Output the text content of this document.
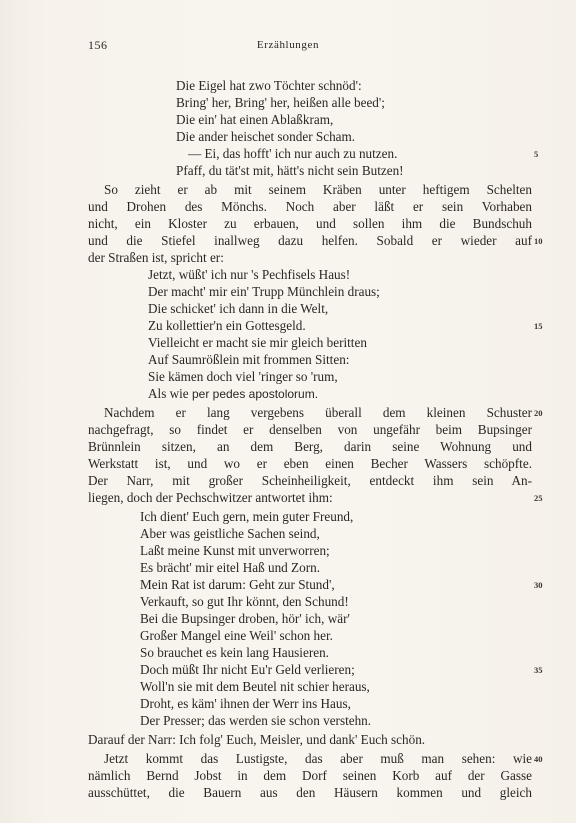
156	Erzählungen
Die Eigel hat zwo Töchter schnöd':
Bring' her, Bring' her, heißen alle beed';
Die ein' hat einen Ablaßkram,
Die ander heischet sonder Scham.
— Ei, das hofft' ich nur auch zu nutzen.	5
Pfaff, du tät'st mit, hätt's nicht sein Butzen!
So zieht er ab mit seinem Kräben unter heftigem Schelten
und Drohen des Mönchs. Noch aber läßt er sein Vorhaben
nicht, ein Kloster zu erbauen, und sollen ihm die Bundschuh
und die Stiefel inallweg dazu helfen. Sobald er wieder auf 10
der Straßen ist, spricht er:
Jetzt, wüßt' ich nur 's Pechfisels Haus!
Der macht' mir ein' Trupp Münchlein draus;
Die schicket' ich dann in die Welt,
Zu kollettier'n ein Gottesgeld.	15
Vielleicht er macht sie mir gleich beritten
Auf Saumrößlein mit frommen Sitten:
Sie kämen doch viel 'ringer so 'rum,
Als wie per pedes apostolorum.
Nachdem er lang vergebens überall dem kleinen Schuster 20
nachgefragt, so findet er denselben von ungefähr beim Bupsinger
Brünnlein sitzen, an dem Berg, darin seine Wohnung und
Werkstatt ist, und wo er eben einen Becher Wassers schöpfte.
Der Narr, mit großer Scheinheiligkeit, entdeckt ihm sein An-
liegen, doch der Pechschwitzer antwortet ihm:	25
Ich dient' Euch gern, mein guter Freund,
Aber was geistliche Sachen seind,
Laßt meine Kunst mit unverworren;
Es brächt' mir eitel Haß und Zorn.
Mein Rat ist darum: Geht zur Stund',	30
Verkauft, so gut Ihr könnt, den Schund!
Bei die Bupsinger droben, hör' ich, wär'
Großer Mangel eine Weil' schon her.
So brauchet es kein lang Hausieren.
Doch müßt Ihr nicht Eu'r Geld verlieren;	35
Woll'n sie mit dem Beutel nit schier heraus,
Droht, es käm' ihnen der Werr ins Haus,
Der Presser; das werden sie schon verstehn.
Darauf der Narr: Ich folg' Euch, Meisler, und dank' Euch schön.
Jetzt kommt das Lustigste, das aber muß man sehen: wie 40
nämlich Bernd Jobst in dem Dorf seinen Korb auf der Gasse
ausschüttet, die Bauern aus den Häusern kommen und gleich
